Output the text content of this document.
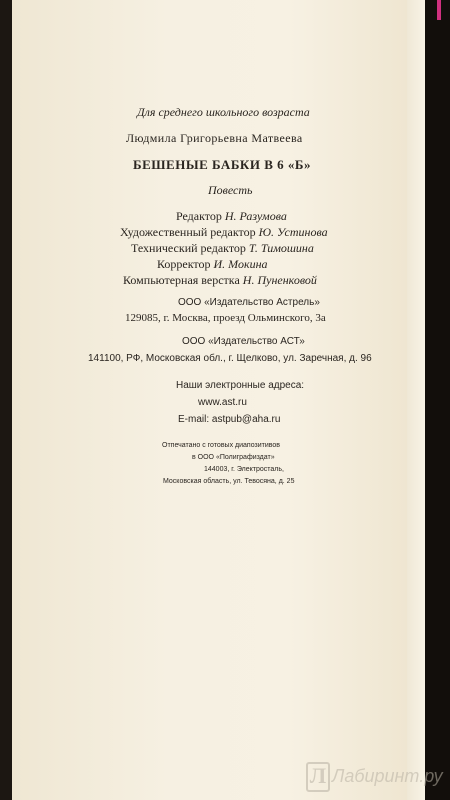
Для среднего школьного возраста
Людмила Григорьевна Матвеева
БЕШЕНЫЕ БАБКИ В 6 «Б»
Повесть
Редактор Н. Разумова
Художественный редактор Ю. Устинова
Технический редактор Т. Тимошина
Корректор И. Мокина
Компьютерная верстка Н. Пуненковой
ООО «Издательство Астрель»
129085, г. Москва, проезд Ольминского, 3а
ООО «Издательство АСТ»
141100, РФ, Московская обл., г. Щелково, ул. Заречная, д. 96
Наши электронные адреса:
www.ast.ru
E-mail: astpub@aha.ru
Отпечатано с готовых диапозитивов
в ООО «Полиграфиздат»
144003, г. Электросталь,
Московская область, ул. Тевосяна, д. 25
Л Лабиринт.ру
